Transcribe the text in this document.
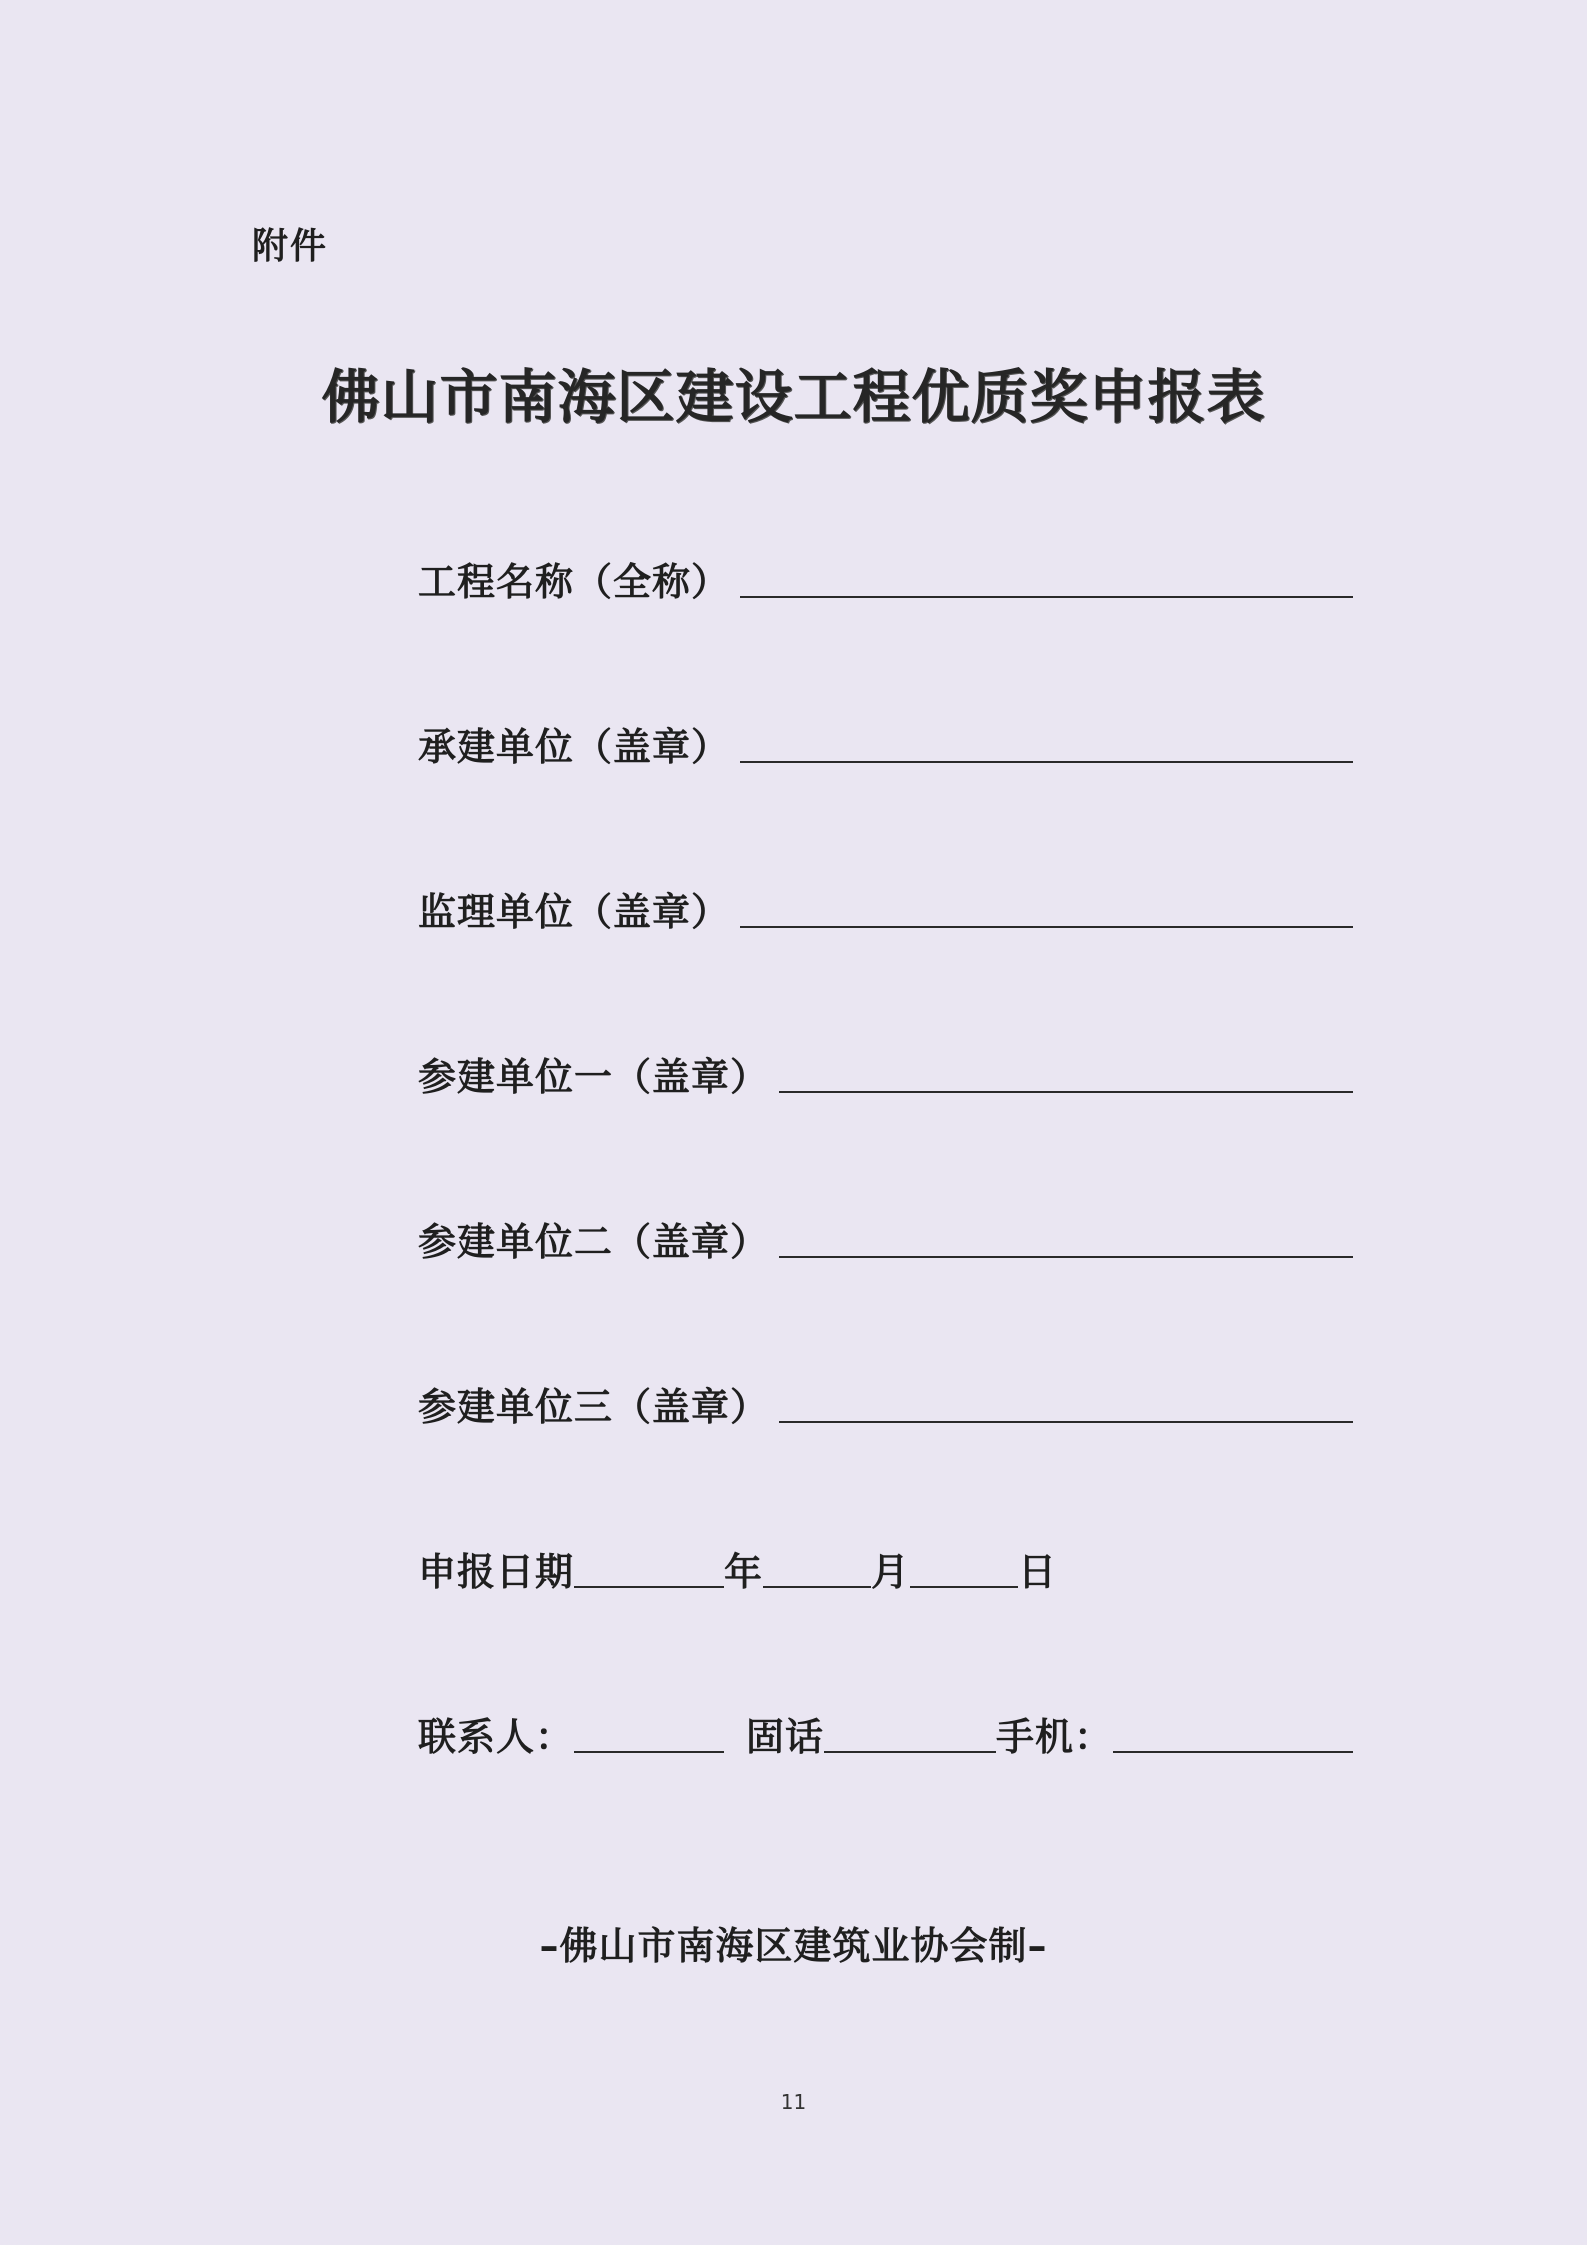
附件
佛山市南海区建设工程优质奖申报表
工程名称（全称）
承建单位（盖章）
监理单位（盖章）
参建单位一（盖章）
参建单位二（盖章）
参建单位三（盖章）
申报日期	年	月	日
联系人：	固话	手机：
–佛山市南海区建筑业协会制–
11
